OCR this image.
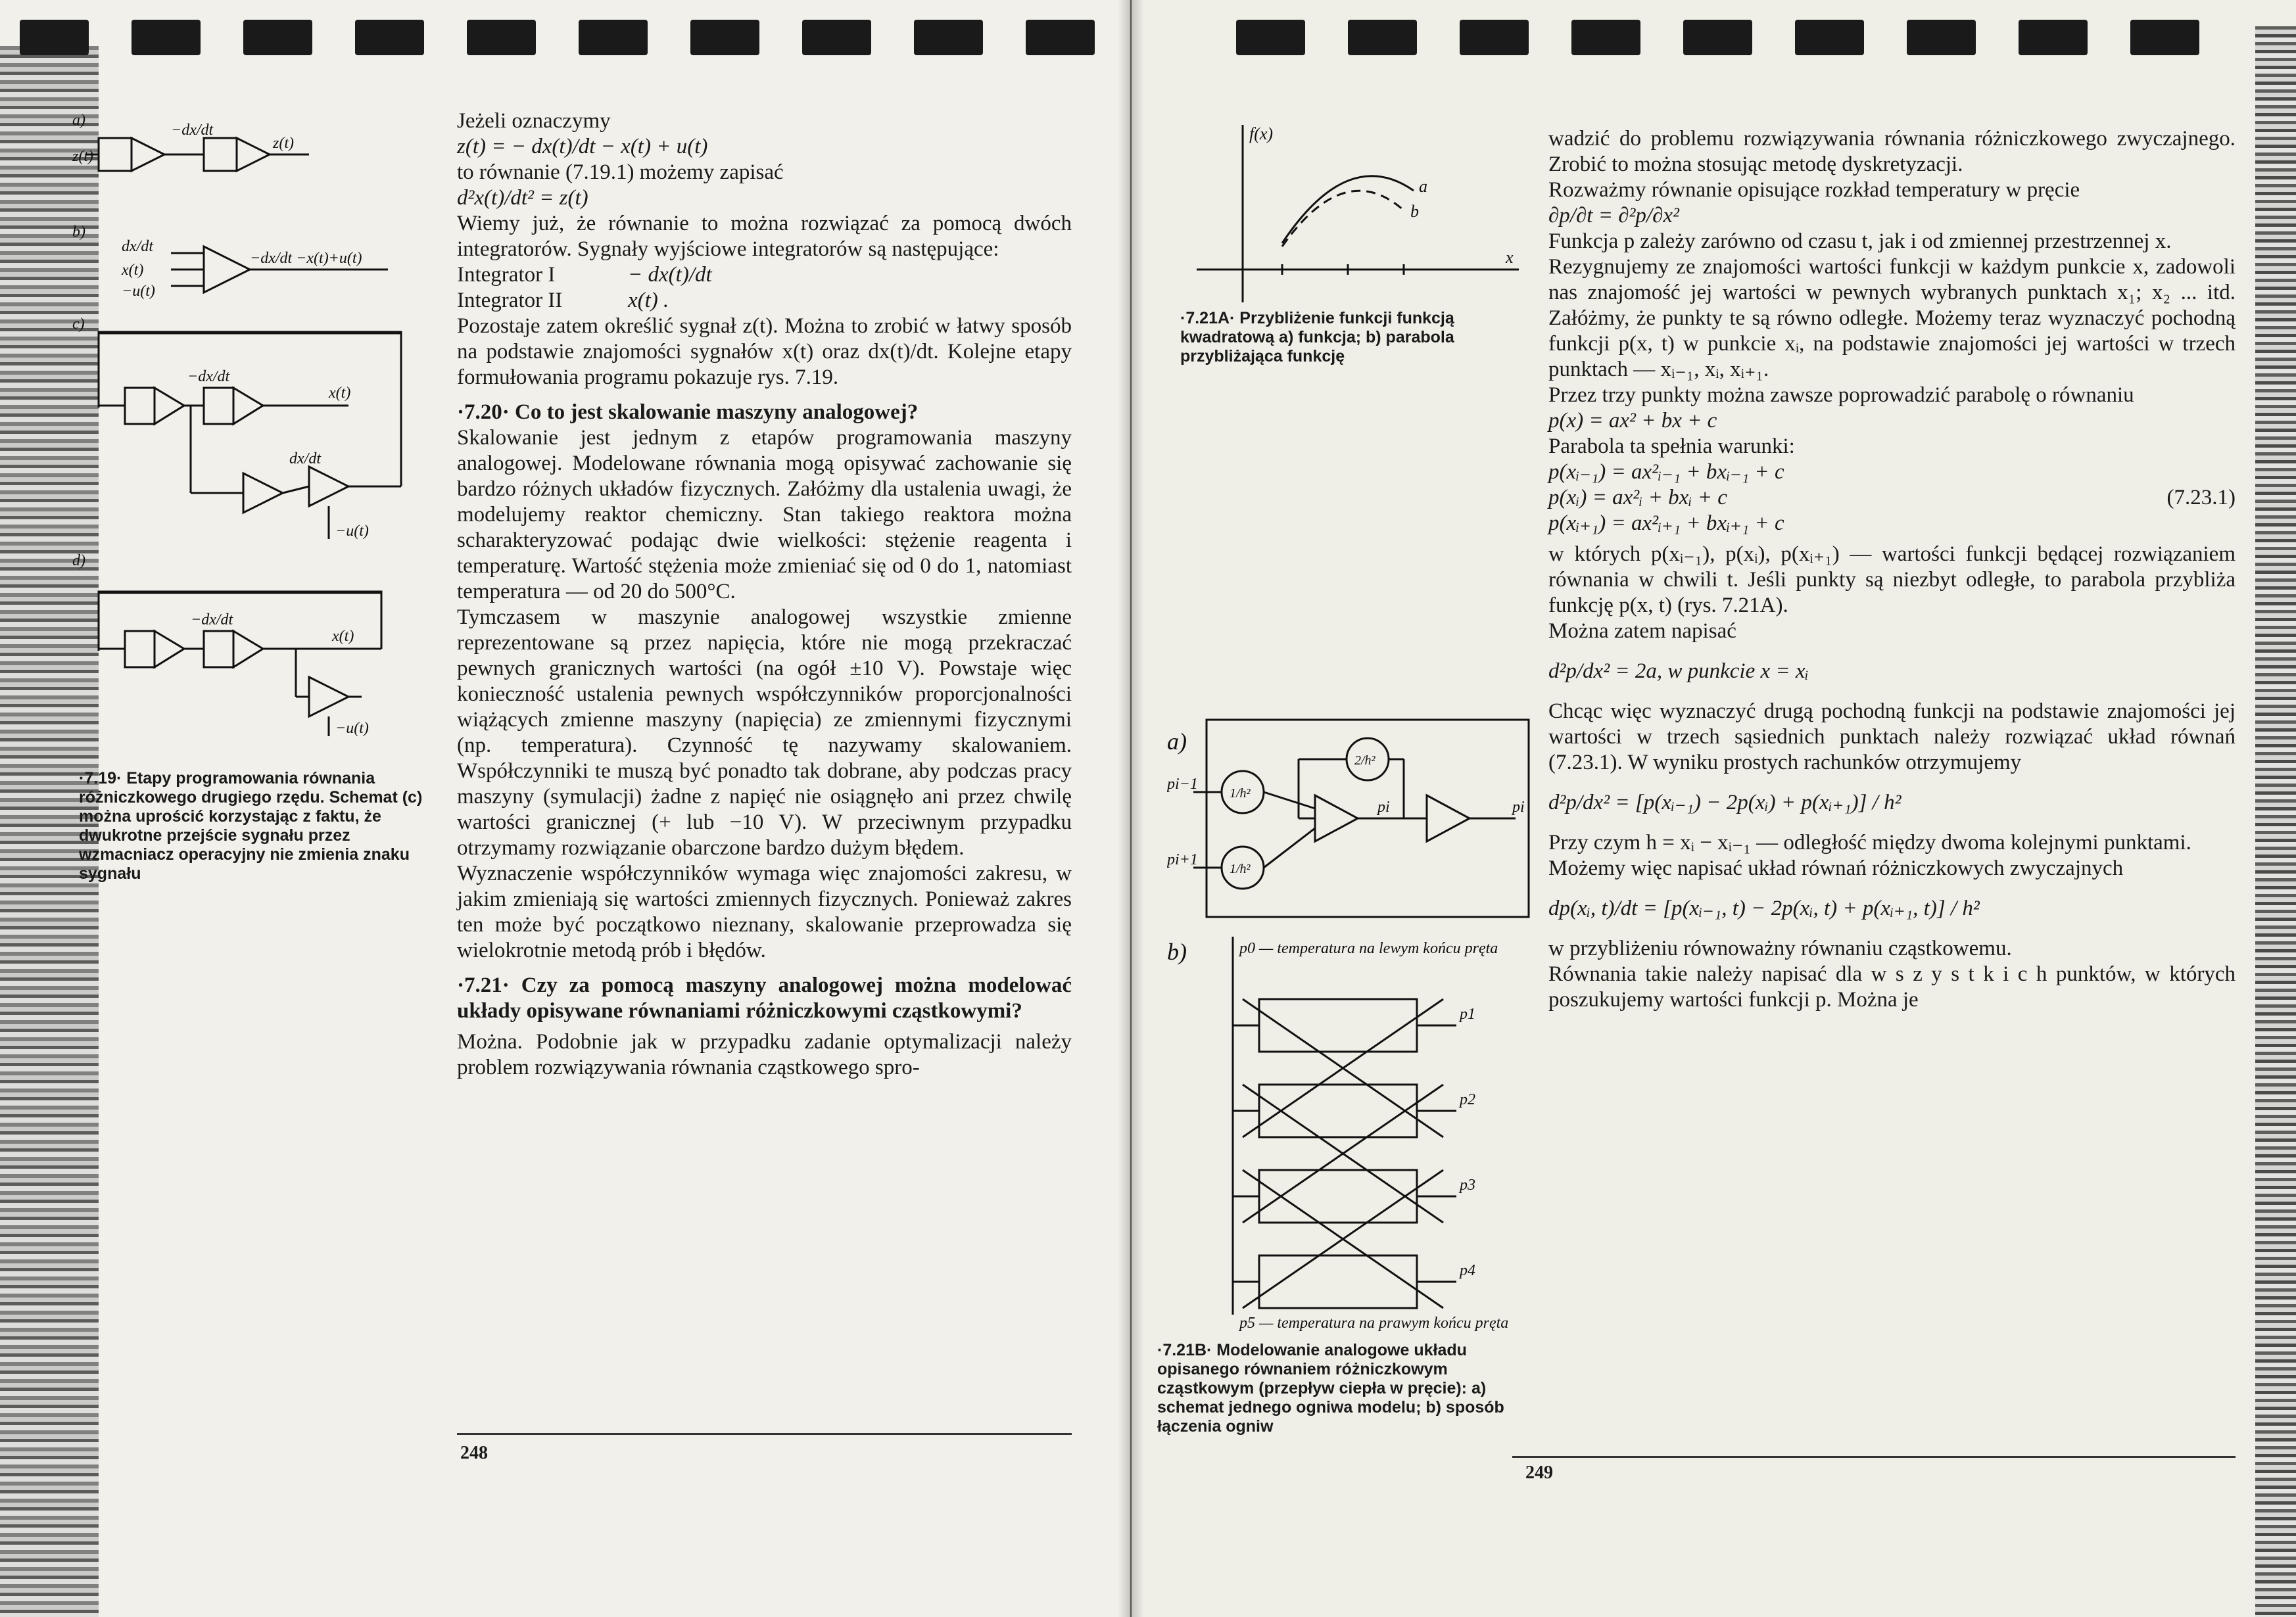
a)
z(t)
−dx/dt
z(t)
b)
dx/dt
x(t)
−u(t)
−dx/dt −x(t)+u(t)
c)
−dx/dt
x(t)
dx/dt
−u(t)
d)
−dx/dt
x(t)
−u(t)
·7.19· Etapy programowania równania różniczkowego drugiego rzędu. Schemat (c) można uprościć korzystając z faktu, że dwukrotne przejście sygnału przez wzmacniacz operacyjny nie zmienia znaku sygnału

Jeżeli oznaczymy

z(t) = − dx(t)/dt − x(t) + u(t)

to równanie (7.19.1) możemy zapisać

d²x(t)/dt² = z(t)

Wiemy już, że równanie to można rozwiązać za pomocą dwóch integratorów. Sygnały wyjściowe integratorów są następujące:

Integrator I	− dx(t)/dt

Integrator II	x(t) .

Pozostaje zatem określić sygnał z(t). Można to zrobić w łatwy sposób na podstawie znajomości sygnałów x(t) oraz dx(t)/dt. Kolejne etapy formułowania programu pokazuje rys. 7.19.

·7.20· Co to jest skalowanie maszyny analogowej?

Skalowanie jest jednym z etapów programowania maszyny analogowej. Modelowane równania mogą opisywać zachowanie się bardzo różnych układów fizycznych. Załóżmy dla ustalenia uwagi, że modelujemy reaktor chemiczny. Stan takiego reaktora można scharakteryzować podając dwie wielkości: stężenie reagenta i temperaturę. Wartość stężenia może zmieniać się od 0 do 1, natomiast temperatura — od 20 do 500°C.

Tymczasem w maszynie analogowej wszystkie zmienne reprezentowane są przez napięcia, które nie mogą przekraczać pewnych granicznych wartości (na ogół ±10 V). Powstaje więc konieczność ustalenia pewnych współczynników proporcjonalności wiążących zmienne maszyny (napięcia) ze zmiennymi fizycznymi (np. temperatura). Czynność tę nazywamy skalowaniem. Współczynniki te muszą być ponadto tak dobrane, aby podczas pracy maszyny (symulacji) żadne z napięć nie osiągnęło ani przez chwilę wartości granicznej (+ lub −10 V). W przeciwnym przypadku otrzymamy rozwiązanie obarczone bardzo dużym błędem.

Wyznaczenie współczynników wymaga więc znajomości zakresu, w jakim zmieniają się wartości zmiennych fizycznych. Ponieważ zakres ten może być początkowo nieznany, skalowanie przeprowadza się wielokrotnie metodą prób i błędów.

·7.21· Czy za pomocą maszyny analogowej można modelować układy opisywane równaniami różniczkowymi cząstkowymi?

Można. Podobnie jak w przypadku zadanie optymalizacji należy problem rozwiązywania równania cząstkowego spro-

248
f(x)
x
a
b
·7.21A· Przybliżenie funkcji funkcją kwadratową a) funkcja; b) parabola przybliżająca funkcję
a)
pi−1
pi+1
1/h²
1/h²
2/h²
pi	pi
b)	p0 — temperatura na lewym końcu pręta
p1
p2
p3
p4
p5 — temperatura na prawym końcu pręta
·7.21B· Modelowanie analogowe układu opisanego równaniem różniczkowym cząstkowym (przepływ ciepła w pręcie): a) schemat jednego ogniwa modelu; b) sposób łączenia ogniw

wadzić do problemu rozwiązywania równania różniczkowego zwyczajnego. Zrobić to można stosując metodę dyskretyzacji.

Rozważmy równanie opisujące rozkład temperatury w pręcie

∂p/∂t = ∂²p/∂x²

Funkcja p zależy zarówno od czasu t, jak i od zmiennej przestrzennej x.

Rezygnujemy ze znajomości wartości funkcji w każdym punkcie x, zadowoli nas znajomość jej wartości w pewnych wybranych punktach x₁; x₂ ... itd. Załóżmy, że punkty te są równo odległe. Możemy teraz wyznaczyć pochodną funkcji p(x, t) w punkcie xᵢ, na podstawie znajomości jej wartości w trzech punktach — xᵢ₋₁, xᵢ, xᵢ₊₁.

Przez trzy punkty można zawsze poprowadzić parabolę o równaniu

p(x) = ax² + bx + c

Parabola ta spełnia warunki:

p(xᵢ₋₁) = ax²ᵢ₋₁ + bxᵢ₋₁ + c

p(xᵢ) = ax²ᵢ + bxᵢ + c

p(xᵢ₊₁) = ax²ᵢ₊₁ + bxᵢ₊₁ + c

(7.23.1)

w których p(xᵢ₋₁), p(xᵢ), p(xᵢ₊₁) — wartości funkcji będącej rozwiązaniem równania w chwili t. Jeśli punkty są niezbyt odległe, to parabola przybliża funkcję p(x, t) (rys. 7.21A).

Można zatem napisać

d²p/dx² = 2a, w punkcie x = xᵢ

Chcąc więc wyznaczyć drugą pochodną funkcji na podstawie znajomości jej wartości w trzech sąsiednich punktach należy rozwiązać układ równań (7.23.1). W wyniku prostych rachunków otrzymujemy

d²p/dx² = [p(xᵢ₋₁) − 2p(xᵢ) + p(xᵢ₊₁)] / h²

Przy czym h = xᵢ − xᵢ₋₁ — odległość między dwoma kolejnymi punktami.

Możemy więc napisać układ równań różniczkowych zwyczajnych

dp(xᵢ, t)/dt = [p(xᵢ₋₁, t) − 2p(xᵢ, t) + p(xᵢ₊₁, t)] / h²

w przybliżeniu równoważny równaniu cząstkowemu.

Równania takie należy napisać dla w s z y s t k i c h punktów, w których poszukujemy wartości funkcji p. Można je

249
